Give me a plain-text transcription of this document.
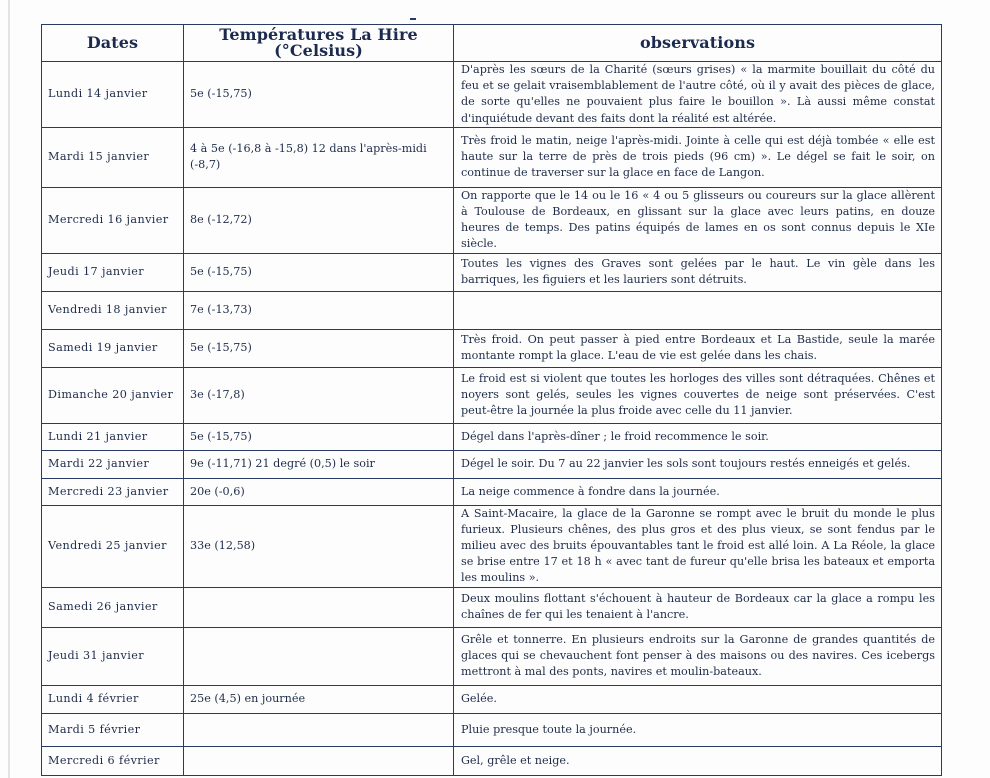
Dates	Températures La Hire (°Celsius)	observations
Lundi 14 janvier	5e (-15,75)	D'après les sœurs de la Charité (sœurs grises) « la marmite bouillait du côté du feu et se gelait vraisemblablement de l'autre côté, où il y avait des pièces de glace, de sorte qu'elles ne pouvaient plus faire le bouillon ». Là aussi même constat d'inquiétude devant des faits dont la réalité est altérée.
Mardi 15 janvier	4 à 5e (-16,8 à -15,8) 12 dans l'après-midi (-8,7)	Très froid le matin, neige l'après-midi. Jointe à celle qui est déjà tombée « elle est haute sur la terre de près de trois pieds (96 cm) ». Le dégel se fait le soir, on continue de traverser sur la glace en face de Langon.
Mercredi 16 janvier	8e (-12,72)	On rapporte que le 14 ou le 16 « 4 ou 5 glisseurs ou coureurs sur la glace allèrent à Toulouse de Bordeaux, en glissant sur la glace avec leurs patins, en douze heures de temps. Des patins équipés de lames en os sont connus depuis le XIe siècle.
Jeudi 17 janvier	5e (-15,75)	Toutes les vignes des Graves sont gelées par le haut. Le vin gèle dans les barriques, les figuiers et les lauriers sont détruits.
Vendredi 18 janvier	7e (-13,73)	
Samedi 19 janvier	5e (-15,75)	Très froid. On peut passer à pied entre Bordeaux et La Bastide, seule la marée montante rompt la glace. L'eau de vie est gelée dans les chais.
Dimanche 20 janvier	3e (-17,8)	Le froid est si violent que toutes les horloges des villes sont détraquées. Chênes et noyers sont gelés, seules les vignes couvertes de neige sont préservées. C'est peut-être la journée la plus froide avec celle du 11 janvier.
Lundi 21 janvier	5e (-15,75)	Dégel dans l'après-dîner ; le froid recommence le soir.
Mardi 22 janvier	9e (-11,71) 21 degré (0,5) le soir	Dégel le soir. Du 7 au 22 janvier les sols sont toujours restés enneigés et gelés.
Mercredi 23 janvier	20e (-0,6)	La neige commence à fondre dans la journée.
Vendredi 25 janvier	33e (12,58)	A Saint-Macaire, la glace de la Garonne se rompt avec le bruit du monde le plus furieux. Plusieurs chênes, des plus gros et des plus vieux, se sont fendus par le milieu avec des bruits épouvantables tant le froid est allé loin. A La Réole, la glace se brise entre 17 et 18 h « avec tant de fureur qu'elle brisa les bateaux et emporta les moulins ».
Samedi 26 janvier		Deux moulins flottant s'échouent à hauteur de Bordeaux car la glace a rompu les chaînes de fer qui les tenaient à l'ancre.
Jeudi 31 janvier		Grêle et tonnerre. En plusieurs endroits sur la Garonne de grandes quantités de glaces qui se chevauchent font penser à des maisons ou des navires. Ces icebergs mettront à mal des ponts, navires et moulin-bateaux.
Lundi 4 février	25e (4,5) en journée	Gelée.
Mardi 5 février		Pluie presque toute la journée.
Mercredi 6 février		Gel, grêle et neige.
